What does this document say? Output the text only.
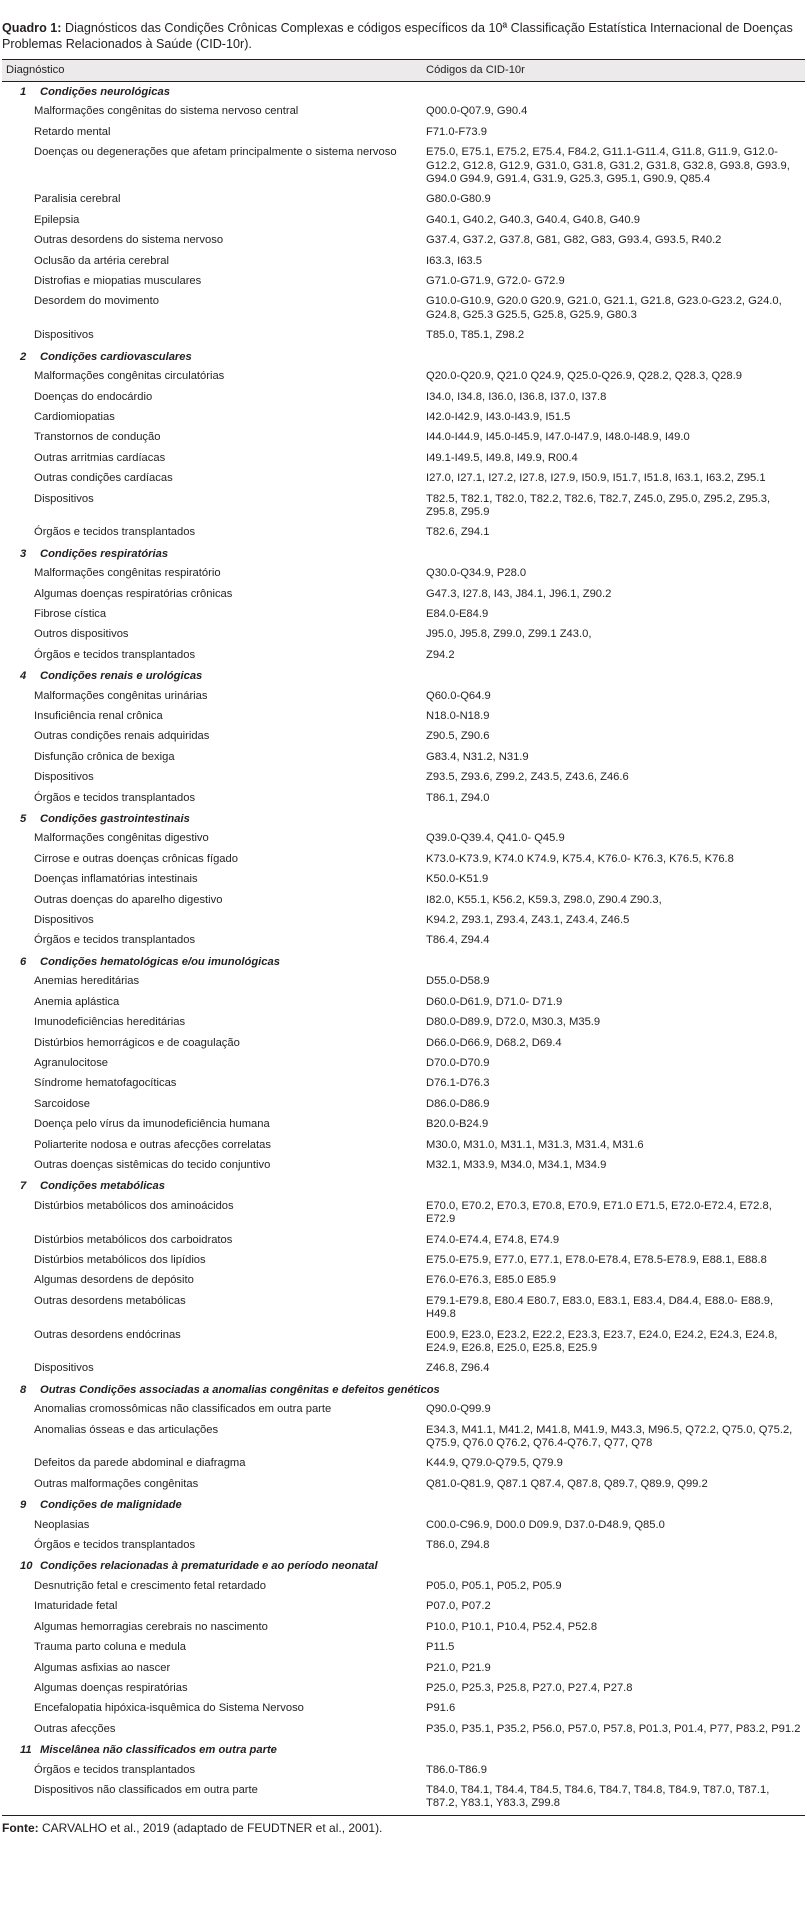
Quadro 1: Diagnósticos das Condições Crônicas Complexas e códigos específicos da 10ª Classificação Estatística Internacional de Doenças Problemas Relacionados à Saúde (CID-10r).

Diagnóstico	Códigos da CID-10r
1 Condições neurológicas	
Malformações congênitas do sistema nervoso central	Q00.0-Q07.9, G90.4
Retardo mental	F71.0-F73.9
Doenças ou degenerações que afetam principalmente o sistema nervoso	E75.0, E75.1, E75.2, E75.4, F84.2, G11.1-G11.4, G11.8, G11.9, G12.0-G12.2, G12.8, G12.9, G31.0, G31.8, G31.2, G31.8, G32.8, G93.8, G93.9, G94.0 G94.9, G91.4, G31.9, G25.3, G95.1, G90.9, Q85.4
Paralisia cerebral	G80.0-G80.9
Epilepsia	G40.1, G40.2, G40.3, G40.4, G40.8, G40.9
Outras desordens do sistema nervoso	G37.4, G37.2, G37.8, G81, G82, G83, G93.4, G93.5, R40.2
Oclusão da artéria cerebral	I63.3, I63.5
Distrofias e miopatias musculares	G71.0-G71.9, G72.0- G72.9
Desordem do movimento	G10.0-G10.9, G20.0 G20.9, G21.0, G21.1, G21.8, G23.0-G23.2, G24.0, G24.8, G25.3 G25.5, G25.8, G25.9, G80.3
Dispositivos	T85.0, T85.1, Z98.2
2 Condições cardiovasculares	
Malformações congênitas circulatórias	Q20.0-Q20.9, Q21.0 Q24.9, Q25.0-Q26.9, Q28.2, Q28.3, Q28.9
Doenças do endocárdio	I34.0, I34.8, I36.0, I36.8, I37.0, I37.8
Cardiomiopatias	I42.0-I42.9, I43.0-I43.9, I51.5
Transtornos de condução	I44.0-I44.9, I45.0-I45.9, I47.0-I47.9, I48.0-I48.9, I49.0
Outras arritmias cardíacas	I49.1-I49.5, I49.8, I49.9, R00.4
Outras condições cardíacas	I27.0, I27.1, I27.2, I27.8, I27.9, I50.9, I51.7, I51.8, I63.1, I63.2, Z95.1
Dispositivos	T82.5, T82.1, T82.0, T82.2, T82.6, T82.7, Z45.0, Z95.0, Z95.2, Z95.3, Z95.8, Z95.9
Órgãos e tecidos transplantados	T82.6, Z94.1
3 Condições respiratórias	
Malformações congênitas respiratório	Q30.0-Q34.9, P28.0
Algumas doenças respiratórias crônicas	G47.3, I27.8, I43, J84.1, J96.1, Z90.2
Fibrose cística	E84.0-E84.9
Outros dispositivos	J95.0, J95.8, Z99.0, Z99.1 Z43.0,
Órgãos e tecidos transplantados	Z94.2
4 Condições renais e urológicas	
Malformações congênitas urinárias	Q60.0-Q64.9
Insuficiência renal crônica	N18.0-N18.9
Outras condições renais adquiridas	Z90.5, Z90.6
Disfunção crônica de bexiga	G83.4, N31.2, N31.9
Dispositivos	Z93.5, Z93.6, Z99.2, Z43.5, Z43.6, Z46.6
Órgãos e tecidos transplantados	T86.1, Z94.0
5 Condições gastrointestinais	
Malformações congênitas digestivo	Q39.0-Q39.4, Q41.0- Q45.9
Cirrose e outras doenças crônicas fígado	K73.0-K73.9, K74.0 K74.9, K75.4, K76.0- K76.3, K76.5, K76.8
Doenças inflamatórias intestinais	K50.0-K51.9
Outras doenças do aparelho digestivo	I82.0, K55.1, K56.2, K59.3, Z98.0, Z90.4 Z90.3,
Dispositivos	K94.2, Z93.1, Z93.4, Z43.1, Z43.4, Z46.5
Órgãos e tecidos transplantados	T86.4, Z94.4
6 Condições hematológicas e/ou imunológicas	
Anemias hereditárias	D55.0-D58.9
Anemia aplástica	D60.0-D61.9, D71.0- D71.9
Imunodeficiências hereditárias	D80.0-D89.9, D72.0, M30.3, M35.9
Distúrbios hemorrágicos e de coagulação	D66.0-D66.9, D68.2, D69.4
Agranulocitose	D70.0-D70.9
Síndrome hematofagocíticas	D76.1-D76.3
Sarcoidose	D86.0-D86.9
Doença pelo vírus da imunodeficiência humana	B20.0-B24.9
Poliarterite nodosa e outras afecções correlatas	M30.0, M31.0, M31.1, M31.3, M31.4, M31.6
Outras doenças sistêmicas do tecido conjuntivo	M32.1, M33.9, M34.0, M34.1, M34.9
7 Condições metabólicas	
Distúrbios metabólicos dos aminoácidos	E70.0, E70.2, E70.3, E70.8, E70.9, E71.0 E71.5, E72.0-E72.4, E72.8, E72.9
Distúrbios metabólicos dos carboidratos	E74.0-E74.4, E74.8, E74.9
Distúrbios metabólicos dos lipídios	E75.0-E75.9, E77.0, E77.1, E78.0-E78.4, E78.5-E78.9, E88.1, E88.8
Algumas desordens de depósito	E76.0-E76.3, E85.0 E85.9
Outras desordens metabólicas	E79.1-E79.8, E80.4 E80.7, E83.0, E83.1, E83.4, D84.4, E88.0- E88.9, H49.8
Outras desordens endócrinas	E00.9, E23.0, E23.2, E22.2, E23.3, E23.7, E24.0, E24.2, E24.3, E24.8, E24.9, E26.8, E25.0, E25.8, E25.9
Dispositivos	Z46.8, Z96.4
8 Outras Condições associadas a anomalias congênitas e defeitos genéticos	
Anomalias cromossômicas não classificados em outra parte	Q90.0-Q99.9
Anomalias ósseas e das articulações	E34.3, M41.1, M41.2, M41.8, M41.9, M43.3, M96.5, Q72.2, Q75.0, Q75.2, Q75.9, Q76.0 Q76.2, Q76.4-Q76.7, Q77, Q78
Defeitos da parede abdominal e diafragma	K44.9, Q79.0-Q79.5, Q79.9
Outras malformações congênitas	Q81.0-Q81.9, Q87.1 Q87.4, Q87.8, Q89.7, Q89.9, Q99.2
9 Condições de malignidade	
Neoplasias	C00.0-C96.9, D00.0 D09.9, D37.0-D48.9, Q85.0
Órgãos e tecidos transplantados	T86.0, Z94.8
10 Condições relacionadas à prematuridade e ao período neonatal	
Desnutrição fetal e crescimento fetal retardado	P05.0, P05.1, P05.2, P05.9
Imaturidade fetal	P07.0, P07.2
Algumas hemorragias cerebrais no nascimento	P10.0, P10.1, P10.4, P52.4, P52.8
Trauma parto coluna e medula	P11.5
Algumas asfixias ao nascer	P21.0, P21.9
Algumas doenças respiratórias	P25.0, P25.3, P25.8, P27.0, P27.4, P27.8
Encefalopatia hipóxica-isquêmica do Sistema Nervoso	P91.6
Outras afecções	P35.0, P35.1, P35.2, P56.0, P57.0, P57.8, P01.3, P01.4, P77, P83.2, P91.2
11 Miscelânea não classificados em outra parte	
Órgãos e tecidos transplantados	T86.0-T86.9
Dispositivos não classificados em outra parte	T84.0, T84.1, T84.4, T84.5, T84.6, T84.7, T84.8, T84.9, T87.0, T87.1, T87.2, Y83.1, Y83.3, Z99.8
Fonte: CARVALHO et al., 2019 (adaptado de FEUDTNER et al., 2001).
